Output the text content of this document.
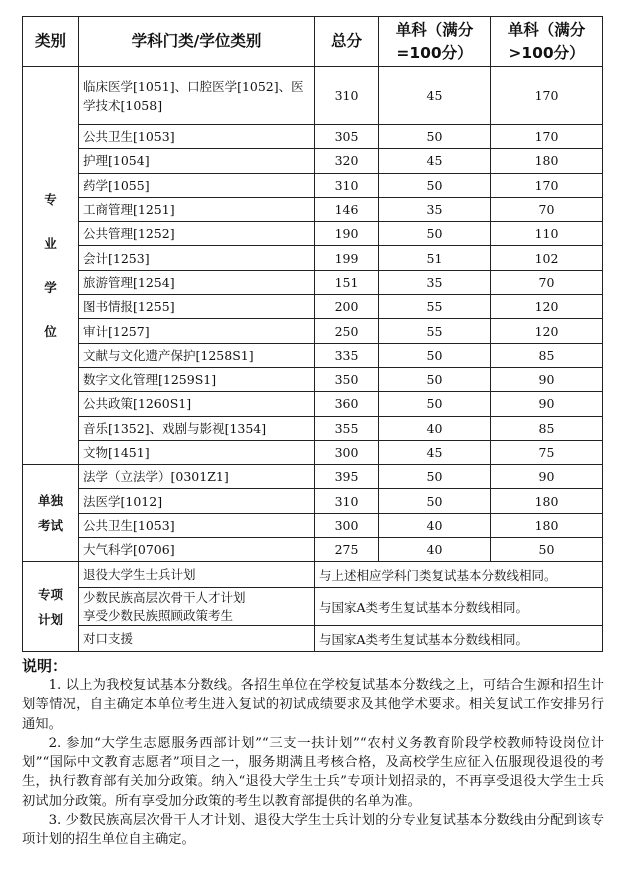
类别	学科门类/学位类别	总分	单科（满分=100分）	单科（满分>100分）

专
业
学
位	临床医学[1051]、口腔医学[1052]、医学技术[1058]	310	45	170
	公共卫生[1053]	305	50	170
	护理[1054]	320	45	180
	药学[1055]	310	50	170
	工商管理[1251]	146	35	70
	公共管理[1252]	190	50	110
	会计[1253]	199	51	102
	旅游管理[1254]	151	35	70
	图书情报[1255]	200	55	120
	审计[1257]	250	55	120
	文献与文化遗产保护[1258S1]	335	50	85
	数字文化管理[1259S1]	350	50	90
	公共政策[1260S1]	360	50	90
	音乐[1352]、戏剧与影视[1354]	355	40	85
	文物[1451]	300	45	75

单独
考试	法学（立法学）[0301Z1]	395	50	90
	法医学[1012]	310	50	180
	公共卫生[1053]	300	40	180
	大气科学[0706]	275	40	50

专项
计划	退役大学生士兵计划	与上述相应学科门类复试基本分数线相同。		
	少数民族高层次骨干人才计划
享受少数民族照顾政策考生	与国家A类考生复试基本分数线相同。		
	对口支援	与国家A类考生复试基本分数线相同。		
说明：

1. 以上为我校复试基本分数线。各招生单位在学校复试基本分数线之上，可结合生源和招生计划等情况，自主确定本单位考生进入复试的初试成绩要求及其他学术要求。相关复试工作安排另行通知。

2. 参加“大学生志愿服务西部计划”“三支一扶计划”“农村义务教育阶段学校教师特设岗位计划”“国际中文教育志愿者”项目之一，服务期满且考核合格，及高校学生应征入伍服现役退役的考生，执行教育部有关加分政策。纳入“退役大学生士兵”专项计划招录的，不再享受退役大学生士兵初试加分政策。所有享受加分政策的考生以教育部提供的名单为准。

3. 少数民族高层次骨干人才计划、退役大学生士兵计划的分专业复试基本分数线由分配到该专项计划的招生单位自主确定。
